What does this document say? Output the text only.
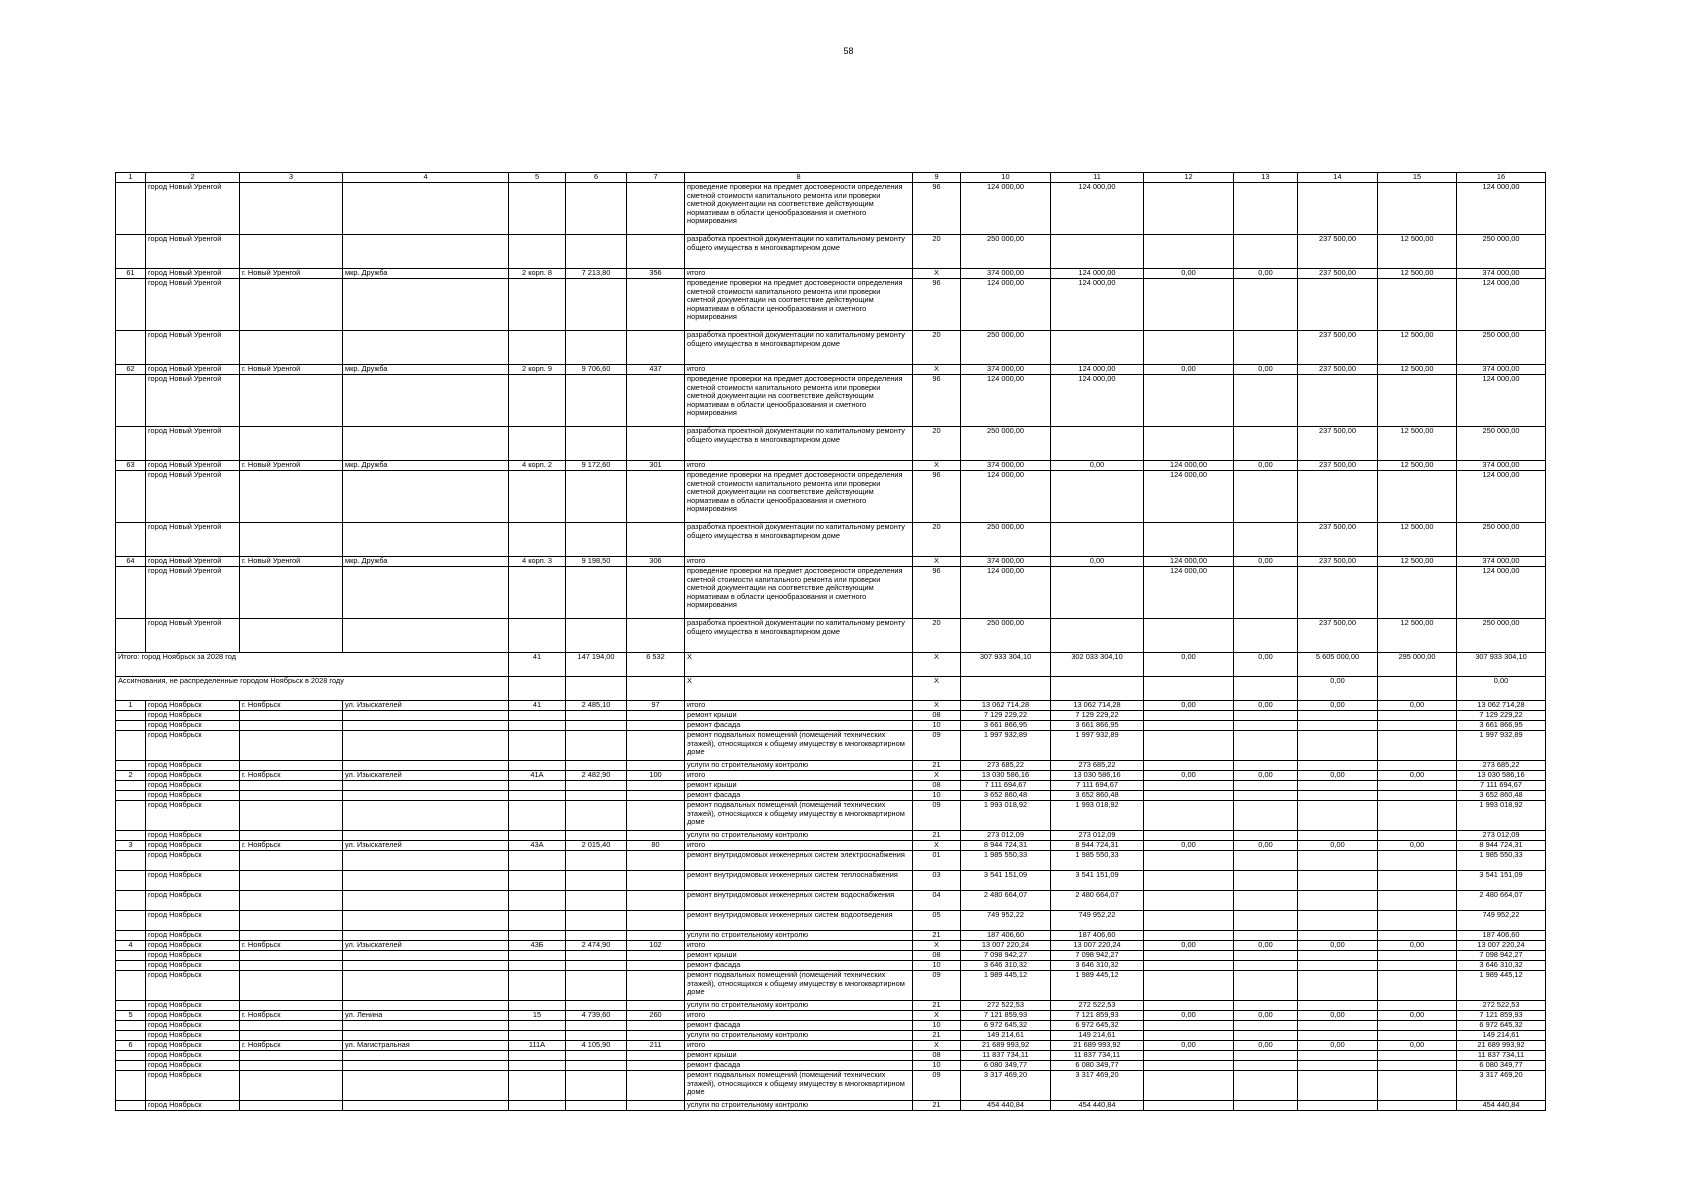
58
1	2	3	4	5	6	7	8	9	10	11	12	13	14	15	16
	город Новый Уренгой						проведение проверки на предмет достоверности определения сметной стоимости капитального ремонта или проверки сметной документации на соответствие действующим нормативам в области ценообразования и сметного нормирования	96	124 000,00	124 000,00					124 000,00
	город Новый Уренгой						разработка проектной документации по капитальному ремонту общего имущества в многоквартирном доме	20	250 000,00				237 500,00	12 500,00	250 000,00
61	город Новый Уренгой	г. Новый Уренгой	мкр. Дружба	2 корп. 8	7 213,80	356	итого	X	374 000,00	124 000,00	0,00	0,00	237 500,00	12 500,00	374 000,00
	город Новый Уренгой						проведение проверки на предмет достоверности определения сметной стоимости капитального ремонта или проверки сметной документации на соответствие действующим нормативам в области ценообразования и сметного нормирования	96	124 000,00	124 000,00					124 000,00
	город Новый Уренгой						разработка проектной документации по капитальному ремонту общего имущества в многоквартирном доме	20	250 000,00				237 500,00	12 500,00	250 000,00
62	город Новый Уренгой	г. Новый Уренгой	мкр. Дружба	2 корп. 9	9 706,60	437	итого	X	374 000,00	124 000,00	0,00	0,00	237 500,00	12 500,00	374 000,00
	город Новый Уренгой						проведение проверки на предмет достоверности определения сметной стоимости капитального ремонта или проверки сметной документации на соответствие действующим нормативам в области ценообразования и сметного нормирования	96	124 000,00	124 000,00					124 000,00
	город Новый Уренгой						разработка проектной документации по капитальному ремонту общего имущества в многоквартирном доме	20	250 000,00				237 500,00	12 500,00	250 000,00
63	город Новый Уренгой	г. Новый Уренгой	мкр. Дружба	4 корп. 2	9 172,60	301	итого	X	374 000,00	0,00	124 000,00	0,00	237 500,00	12 500,00	374 000,00
	город Новый Уренгой						проведение проверки на предмет достоверности определения сметной стоимости капитального ремонта или проверки сметной документации на соответствие действующим нормативам в области ценообразования и сметного нормирования	96	124 000,00		124 000,00				124 000,00
	город Новый Уренгой						разработка проектной документации по капитальному ремонту общего имущества в многоквартирном доме	20	250 000,00				237 500,00	12 500,00	250 000,00
64	город Новый Уренгой	г. Новый Уренгой	мкр. Дружба	4 корп. 3	9 198,50	306	итого	X	374 000,00	0,00	124 000,00	0,00	237 500,00	12 500,00	374 000,00
	город Новый Уренгой						проведение проверки на предмет достоверности определения сметной стоимости капитального ремонта или проверки сметной документации на соответствие действующим нормативам в области ценообразования и сметного нормирования	96	124 000,00		124 000,00				124 000,00
	город Новый Уренгой						разработка проектной документации по капитальному ремонту общего имущества в многоквартирном доме	20	250 000,00				237 500,00	12 500,00	250 000,00
Итого: город Ноябрьск за 2028 год				41	147 194,00	6 532	X	X	307 933 304,10	302 033 304,10	0,00	0,00	5 605 000,00	295 000,00	307 933 304,10
Ассигнования, не распределенные городом Ноябрьск в 2028 году							X	X					0,00		0,00
1	город Ноябрьск	г. Ноябрьск	ул. Изыскателей	41	2 485,10	97	итого	X	13 062 714,28	13 062 714,28	0,00	0,00	0,00	0,00	13 062 714,28
	город Ноябрьск						ремонт крыши	08	7 129 229,22	7 129 229,22					7 129 229,22
	город Ноябрьск						ремонт фасада	10	3 661 866,95	3 661 866,95					3 661 866,95
	город Ноябрьск						ремонт подвальных помещений (помещений технических этажей), относящихся к общему имуществу в многоквартирном доме	09	1 997 932,89	1 997 932,89					1 997 932,89
	город Ноябрьск						услуги по строительному контролю	21	273 685,22	273 685,22					273 685,22
2	город Ноябрьск	г. Ноябрьск	ул. Изыскателей	41А	2 482,90	100	итого	X	13 030 586,16	13 030 586,16	0,00	0,00	0,00	0,00	13 030 586,16
	город Ноябрьск						ремонт крыши	08	7 111 694,67	7 111 694,67					7 111 694,67
	город Ноябрьск						ремонт фасада	10	3 652 860,48	3 652 860,48					3 652 860,48
	город Ноябрьск						ремонт подвальных помещений (помещений технических этажей), относящихся к общему имуществу в многоквартирном доме	09	1 993 018,92	1 993 018,92					1 993 018,92
	город Ноябрьск						услуги по строительному контролю	21	273 012,09	273 012,09					273 012,09
3	город Ноябрьск	г. Ноябрьск	ул. Изыскателей	43А	2 015,40	80	итого	X	8 944 724,31	8 944 724,31	0,00	0,00	0,00	0,00	8 944 724,31
	город Ноябрьск						ремонт внутридомовых инженерных систем электроснабжения	01	1 985 550,33	1 985 550,33					1 985 550,33
	город Ноябрьск						ремонт внутридомовых инженерных систем теплоснабжения	03	3 541 151,09	3 541 151,09					3 541 151,09
	город Ноябрьск						ремонт внутридомовых инженерных систем водоснабжения	04	2 480 664,07	2 480 664,07					2 480 664,07
	город Ноябрьск						ремонт внутридомовых инженерных систем водоотведения	05	749 952,22	749 952,22					749 952,22
	город Ноябрьск						услуги по строительному контролю	21	187 406,60	187 406,60					187 406,60
4	город Ноябрьск	г. Ноябрьск	ул. Изыскателей	43Б	2 474,90	102	итого	X	13 007 220,24	13 007 220,24	0,00	0,00	0,00	0,00	13 007 220,24
	город Ноябрьск						ремонт крыши	08	7 098 942,27	7 098 942,27					7 098 942,27
	город Ноябрьск						ремонт фасада	10	3 646 310,32	3 646 310,32					3 646 310,32
	город Ноябрьск						ремонт подвальных помещений (помещений технических этажей), относящихся к общему имуществу в многоквартирном доме	09	1 989 445,12	1 989 445,12					1 989 445,12
	город Ноябрьск						услуги по строительному контролю	21	272 522,53	272 522,53					272 522,53
5	город Ноябрьск	г. Ноябрьск	ул. Ленина	15	4 739,60	260	итого	X	7 121 859,93	7 121 859,93	0,00	0,00	0,00	0,00	7 121 859,93
	город Ноябрьск						ремонт фасада	10	6 972 645,32	6 972 645,32					6 972 645,32
	город Ноябрьск						услуги по строительному контролю	21	149 214,61	149 214,61					149 214,61
6	город Ноябрьск	г. Ноябрьск	ул. Магистральная	111А	4 105,90	211	итого	X	21 689 993,92	21 689 993,92	0,00	0,00	0,00	0,00	21 689 993,92
	город Ноябрьск						ремонт крыши	08	11 837 734,11	11 837 734,11					11 837 734,11
	город Ноябрьск						ремонт фасада	10	6 080 349,77	6 080 349,77					6 080 349,77
	город Ноябрьск						ремонт подвальных помещений (помещений технических этажей), относящихся к общему имуществу в многоквартирном доме	09	3 317 469,20	3 317 469,20					3 317 469,20
	город Ноябрьск						услуги по строительному контролю	21	454 440,84	454 440,84					454 440,84
